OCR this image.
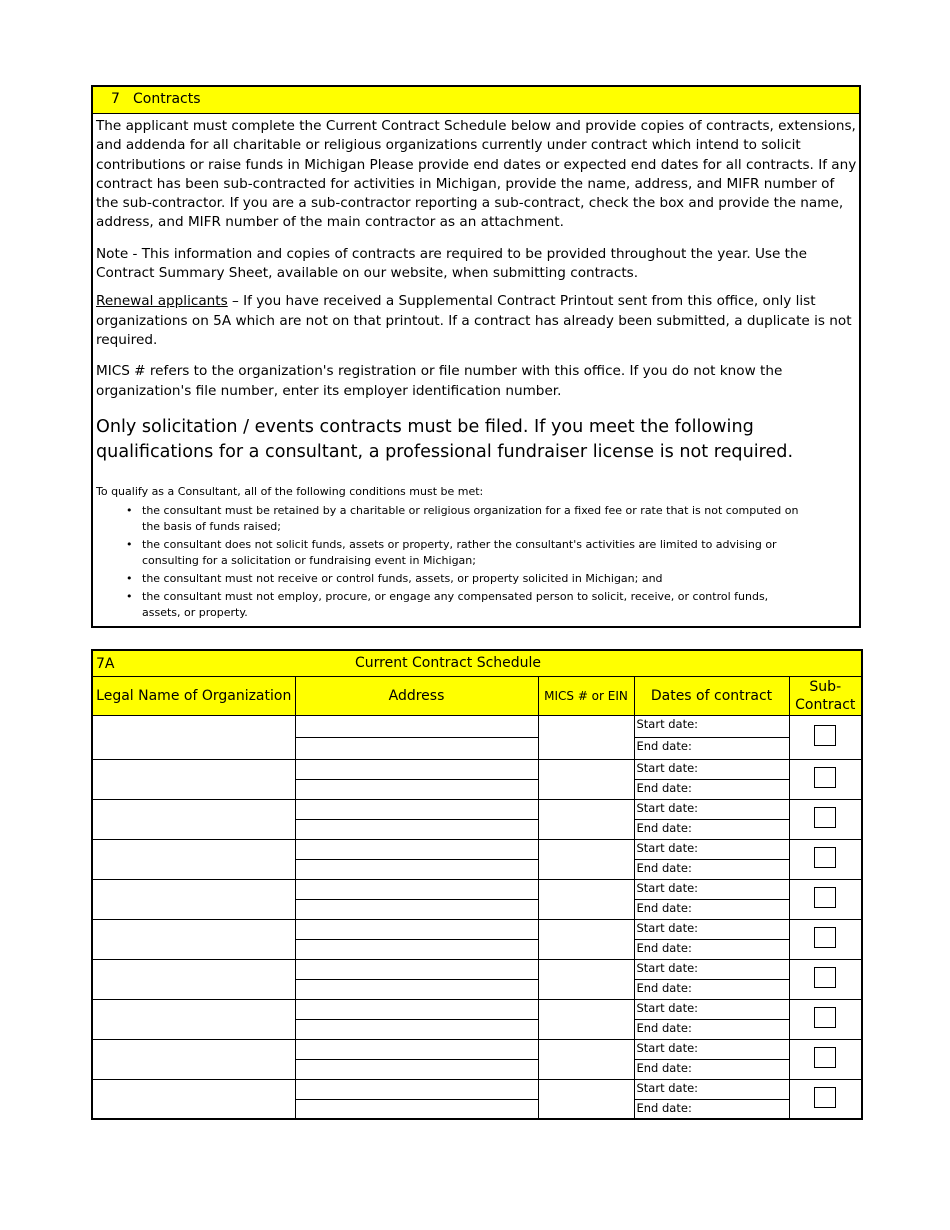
7 Contracts

The applicant must complete the Current Contract Schedule below and provide copies of contracts, extensions, and addenda for all charitable or religious organizations currently under contract which intend to solicit contributions or raise funds in Michigan Please provide end dates or expected end dates for all contracts. If any contract has been sub-contracted for activities in Michigan, provide the name, address, and MIFR number of the sub-contractor. If you are a sub-contractor reporting a sub-contract, check the box and provide the name, address, and MIFR number of the main contractor as an attachment.

Note - This information and copies of contracts are required to be provided throughout the year. Use the Contract Summary Sheet, available on our website, when submitting contracts.

Renewal applicants – If you have received a Supplemental Contract Printout sent from this office, only list organizations on 5A which are not on that printout. If a contract has already been submitted, a duplicate is not required.

MICS # refers to the organization's registration or file number with this office. If you do not know the organization's file number, enter its employer identification number.

Only solicitation / events contracts must be filed. If you meet the following qualifications for a consultant, a professional fundraiser license is not required.

To qualify as a Consultant, all of the following conditions must be met:

• the consultant must be retained by a charitable or religious organization for a fixed fee or rate that is not computed on the basis of funds raised;
• the consultant does not solicit funds, assets or property, rather the consultant's activities are limited to advising or consulting for a solicitation or fundraising event in Michigan;
• the consultant must not receive or control funds, assets, or property solicited in Michigan; and
• the consultant must not employ, procure, or engage any compensated person to solicit, receive, or control funds, assets, or property.
7A Current Contract Schedule				

Legal Name of Organization	Address	MICS # or EIN	Dates of contract	Sub-Contract
			Start date:	
			End date:	
			Start date:	
			End date:	
			Start date:	
			End date:	
			Start date:	
			End date:	
			Start date:	
			End date:	
			Start date:	
			End date:	
			Start date:	
			End date:	
			Start date:	
			End date:	
			Start date:	
			End date:	
			Start date:	
			End date:	
